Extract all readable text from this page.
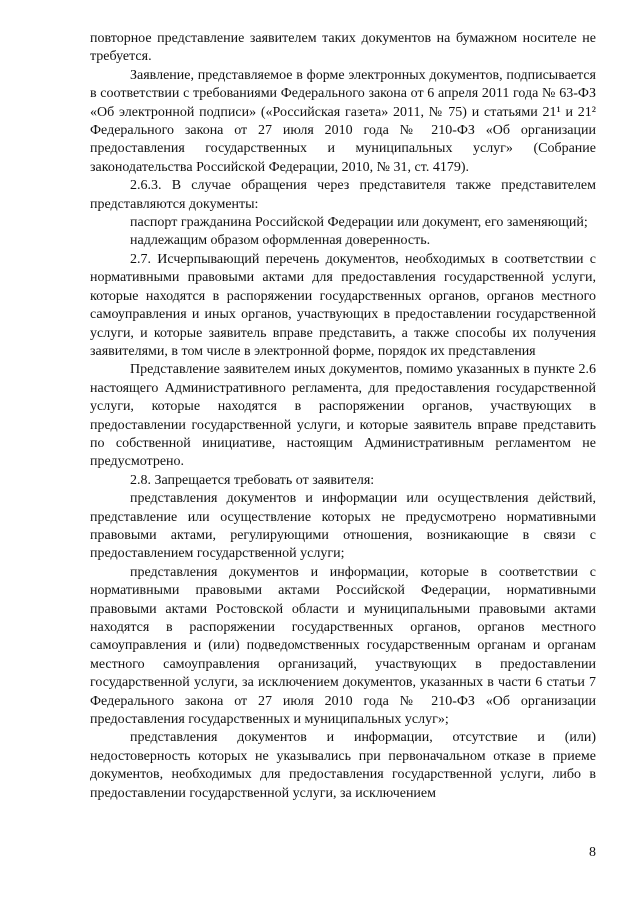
повторное представление заявителем таких документов на бумажном носителе не требуется.

Заявление, представляемое в форме электронных документов, подписывается в соответствии с требованиями Федерального закона от 6 апреля 2011 года № 63-ФЗ «Об электронной подписи» («Российская газета» 2011, № 75) и статьями 21¹ и 21² Федерального закона от 27 июля 2010 года № 210-ФЗ «Об организации предоставления государственных и муниципальных услуг» (Собрание законодательства Российской Федерации, 2010, № 31, ст. 4179).

2.6.3. В случае обращения через представителя также представителем представляются документы:

паспорт гражданина Российской Федерации или документ, его заменяющий;

надлежащим образом оформленная доверенность.

2.7. Исчерпывающий перечень документов, необходимых в соответствии с нормативными правовыми актами для предоставления государственной услуги, которые находятся в распоряжении государственных органов, органов местного самоуправления и иных органов, участвующих в предоставлении государственной услуги, и которые заявитель вправе представить, а также способы их получения заявителями, в том числе в электронной форме, порядок их представления

Представление заявителем иных документов, помимо указанных в пункте 2.6 настоящего Административного регламента, для предоставления государственной услуги, которые находятся в распоряжении органов, участвующих в предоставлении государственной услуги, и которые заявитель вправе представить по собственной инициативе, настоящим Административным регламентом не предусмотрено.

2.8. Запрещается требовать от заявителя:

представления документов и информации или осуществления действий, представление или осуществление которых не предусмотрено нормативными правовыми актами, регулирующими отношения, возникающие в связи с предоставлением государственной услуги;

представления документов и информации, которые в соответствии с нормативными правовыми актами Российской Федерации, нормативными правовыми актами Ростовской области и муниципальными правовыми актами находятся в распоряжении государственных органов, органов местного самоуправления и (или) подведомственных государственным органам и органам местного самоуправления организаций, участвующих в предоставлении государственной услуги, за исключением документов, указанных в части 6 статьи 7 Федерального закона от 27 июля 2010 года № 210-ФЗ «Об организации предоставления государственных и муниципальных услуг»;

представления документов и информации, отсутствие и (или) недостоверность которых не указывались при первоначальном отказе в приеме документов, необходимых для предоставления государственной услуги, либо в предоставлении государственной услуги, за исключением

8
